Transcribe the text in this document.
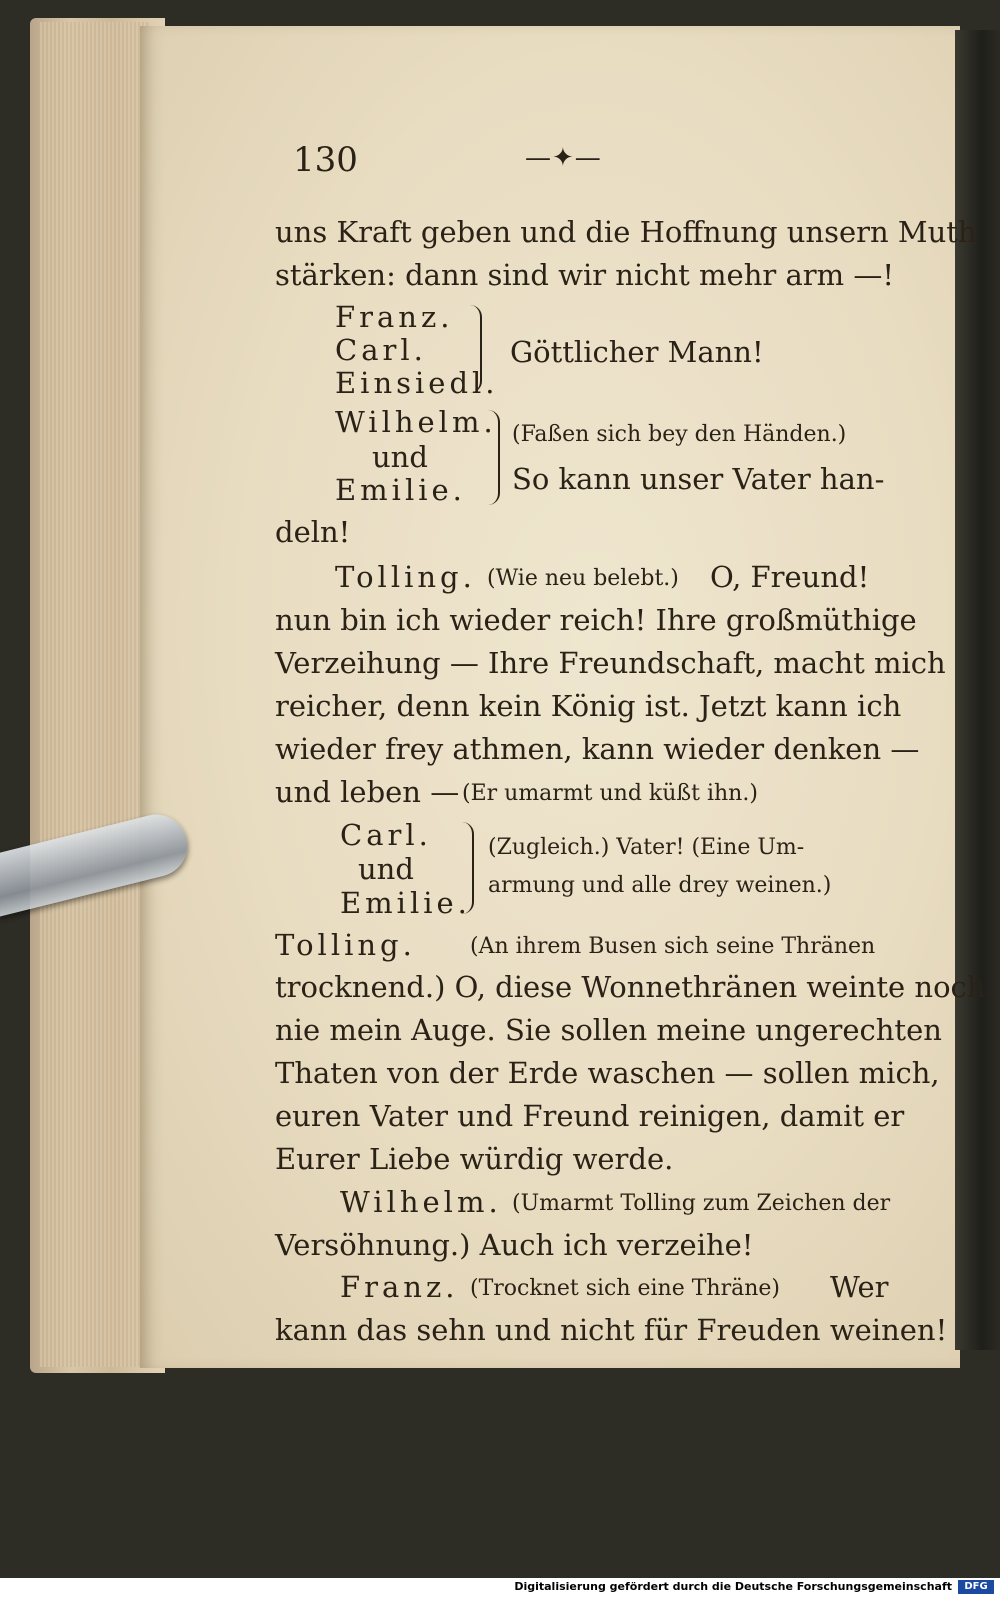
130	—✦—
uns Kraft geben und die Hoffnung unsern Muth
stärken: dann sind wir nicht mehr arm —!
Franz.
Carl.
Einsiedl.
Göttlicher Mann!
Wilhelm.
und
Emilie.
(Faßen sich bey den Händen.)
So kann unser Vater han-
deln!
Tolling. (Wie neu belebt.) O, Freund!
nun bin ich wieder reich! Ihre großmüthige
Verzeihung — Ihre Freundschaft, macht mich
reicher, denn kein König ist. Jetzt kann ich
wieder frey athmen, kann wieder denken —
und leben — (Er umarmt und küßt ihn.)
Carl.
und
Emilie.
(Zugleich.) Vater! (Eine Um-
armung und alle drey weinen.)
Tolling. (An ihrem Busen sich seine Thränen
trocknend.) O, diese Wonnethränen weinte noch
nie mein Auge. Sie sollen meine ungerechten
Thaten von der Erde waschen — sollen mich,
euren Vater und Freund reinigen, damit er
Eurer Liebe würdig werde.
Wilhelm. (Umarmt Tolling zum Zeichen der
Versöhnung.) Auch ich verzeihe!
Franz. (Trocknet sich eine Thräne) Wer
kann das sehn und nicht für Freuden weinen!
Digitalisierung gefördert durch die Deutsche Forschungsgemeinschaft	DFG
